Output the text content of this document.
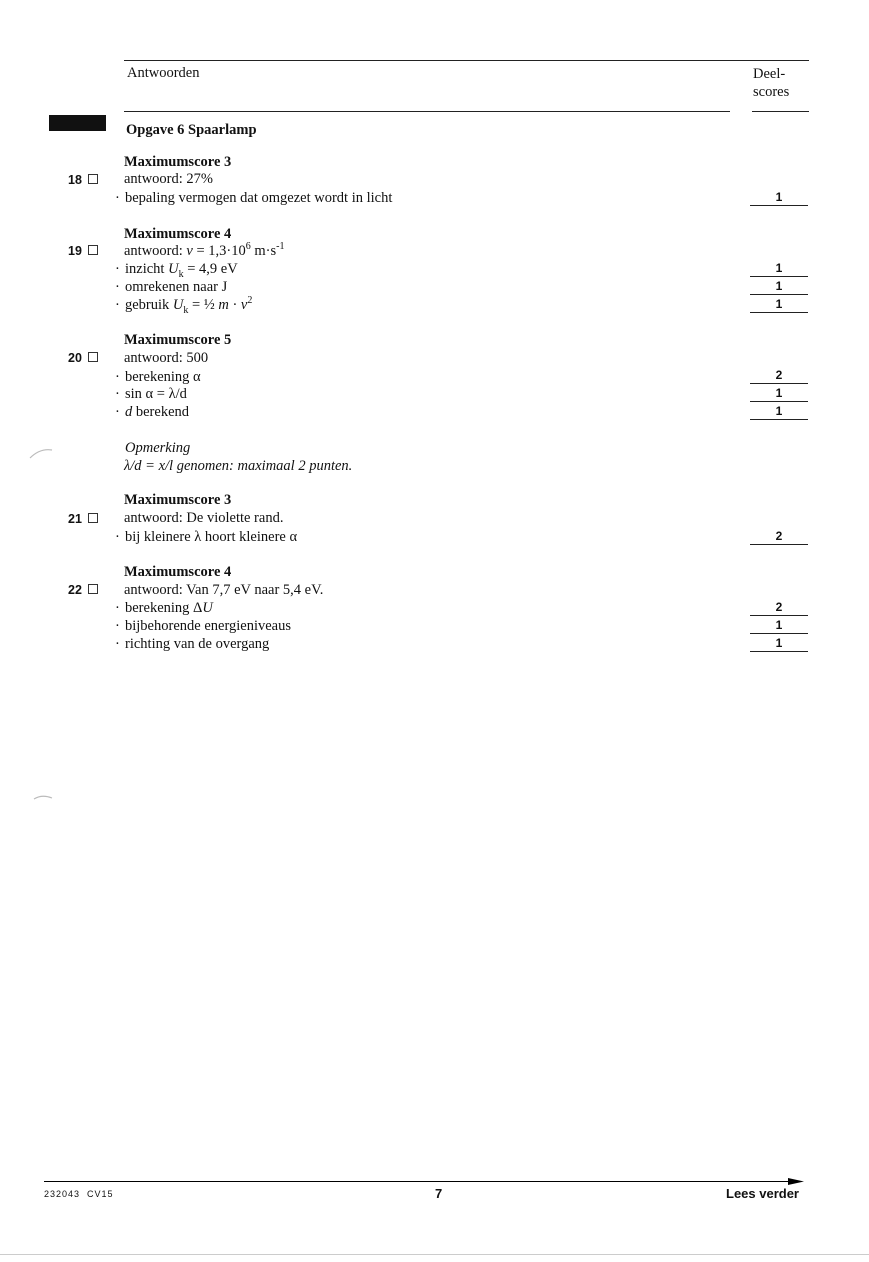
Antwoorden	Deel-
scores
Opgave 6 Spaarlamp
Maximumscore 3
18	antwoord: 27%
· bepaling vermogen dat omgezet wordt in licht	1
Maximumscore 4
19	antwoord: $v = 1,3\cdot 10^6$ $m\cdot s^{-1}$
· inzicht $U_k = 4,9$ eV	1
· omrekenen naar J	1
· gebruik $U_k$ = ½ $m \cdot v^2$	1
Maximumscore 5
20	antwoord: 500
· berekening α	2
· sin α = λ/d	1
· d berekend	1
Opmerking
λ/d = x/l genomen: maximaal 2 punten.
Maximumscore 3
21	antwoord: De violette rand.
· bij kleinere λ hoort kleinere α	2
Maximumscore 4
22	antwoord: Van 7,7 eV naar 5,4 eV.
· berekening ΔU	2
· bijbehorende energieniveaus	1
· richting van de overgang	1
232043  CV15	7	Lees verder
